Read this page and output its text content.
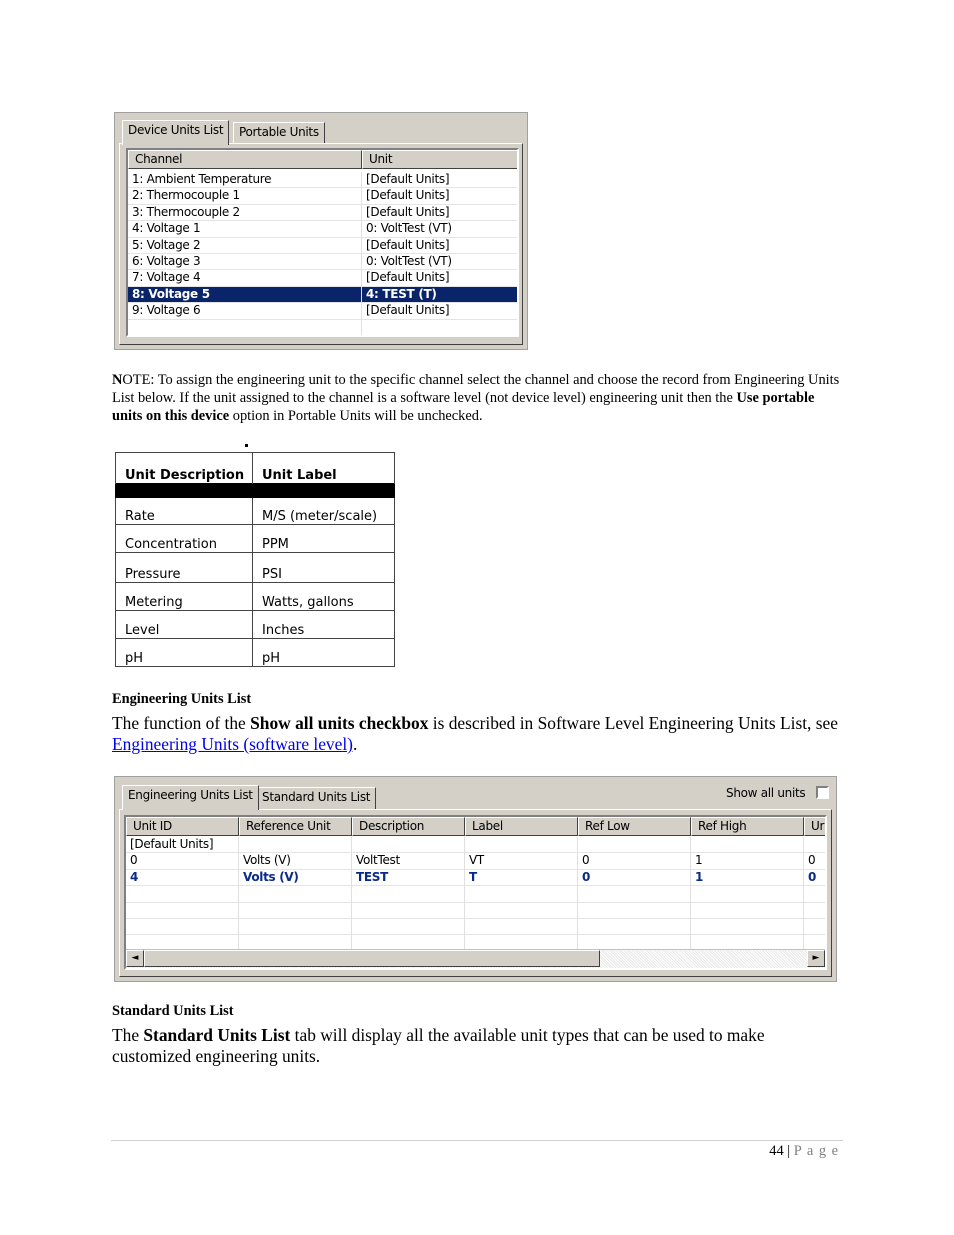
Device Units List	Portable Units
Channel	Unit
1: Ambient Temperature	[Default Units]
2: Thermocouple 1	[Default Units]
3: Thermocouple 2	[Default Units]
4: Voltage 1	0: VoltTest (VT)
5: Voltage 2	[Default Units]
6: Voltage 3	0: VoltTest (VT)
7: Voltage 4	[Default Units]
8: Voltage 5	4: TEST (T)
9: Voltage 6	[Default Units]
NOTE: To assign the engineering unit to the specific channel select the channel and choose the record from Engineering Units List below. If the unit assigned to the channel is a software level (not device level) engineering unit then the Use portable units on this device option in Portable Units will be unchecked.
Unit Description	Unit Label

Rate	M/S (meter/scale)
Concentration	PPM
Pressure	PSI
Metering	Watts, gallons
Level	Inches
pH	pH
Engineering Units List
The function of the Show all units checkbox is described in Software Level Engineering Units List, see Engineering Units (software level).
Engineering Units List Standard Units List	Show all units
Unit ID	Reference Unit	Description	Label	Ref Low	Ref High	Ur
[Default Units]
0	Volts (V)	VoltTest	VT	0	1	0
4	Volts (V)	TEST	T	0	1	0
◄	►
Standard Units List
The Standard Units List tab will display all the available unit types that can be used to make customized engineering units.
44 | P a g e
